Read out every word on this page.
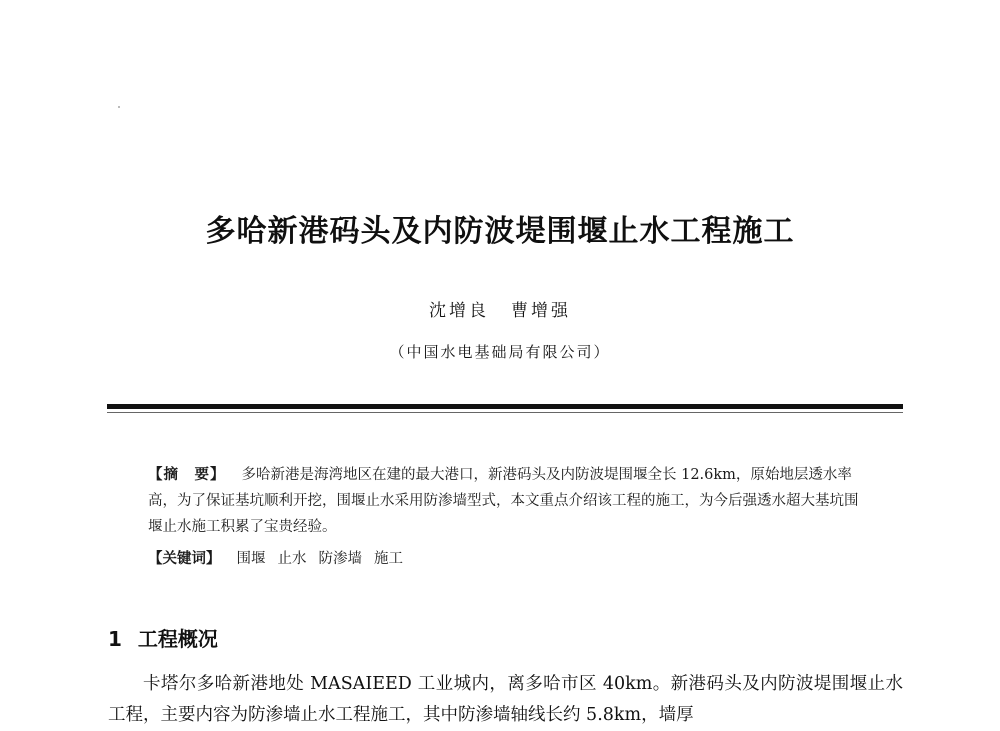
多哈新港码头及内防波堤围堰止水工程施工
沈增良 曹增强
（中国水电基础局有限公司）
【摘　要】 多哈新港是海湾地区在建的最大港口，新港码头及内防波堤围堰全长 12.6km，原始地层透水率高，为了保证基坑顺利开挖，围堰止水采用防渗墙型式，本文重点介绍该工程的施工，为今后强透水超大基坑围堰止水施工积累了宝贵经验。
【关键词】 围堰 止水 防渗墙 施工
1 工程概况
卡塔尔多哈新港地处 MASAIEED 工业城内，离多哈市区 40km。新港码头及内防波堤围堰止水工程，主要内容为防渗墙止水工程施工，其中防渗墙轴线长约 5.8km，墙厚
